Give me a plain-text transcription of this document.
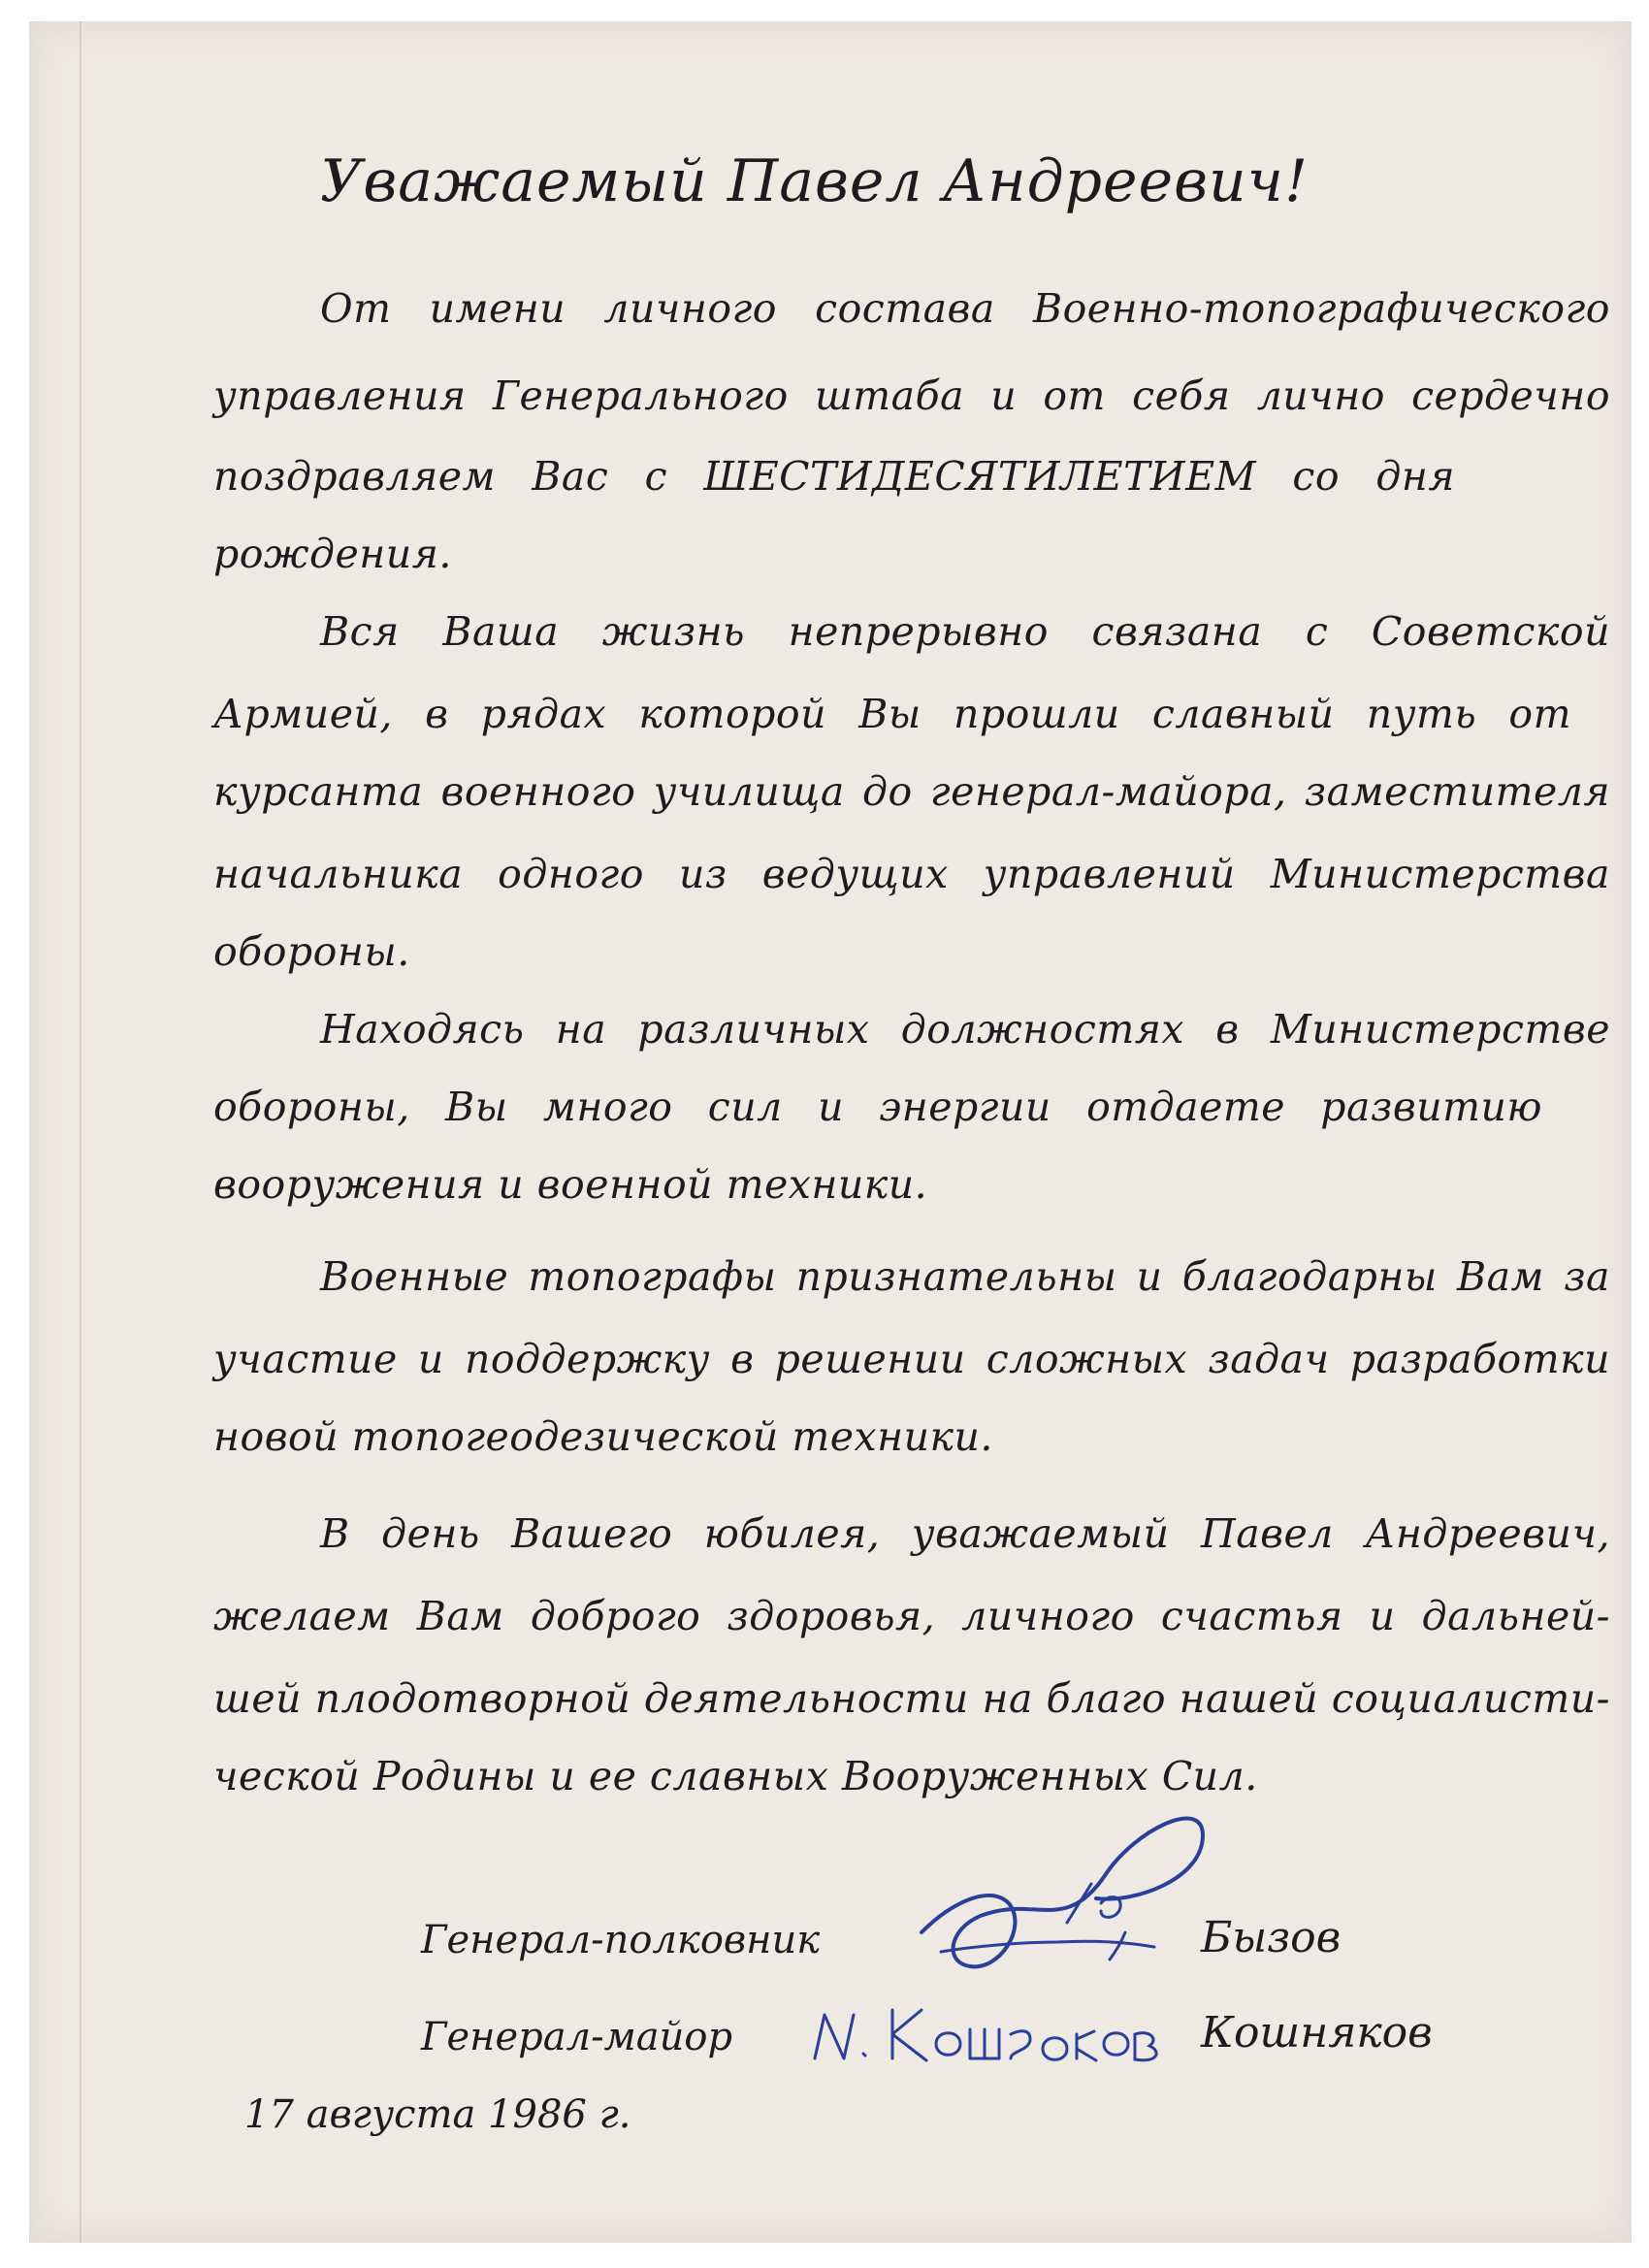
Уважаемый Павел Андреевич!
От имени личного состава Военно-топографического
управления Генерального штаба и от себя лично сердечно
поздравляем Вас с ШЕСТИДЕСЯТИЛЕТИЕМ со дня
рождения.
Вся Ваша жизнь непрерывно связана с Советской
Армией, в рядах которой Вы прошли славный путь от
курсанта военного училища до генерал-майора, заместителя
начальника одного из ведущих управлений Министерства
обороны.
Находясь на различных должностях в Министерстве
обороны, Вы много сил и энергии отдаете развитию
вооружения и военной техники.
Военные топографы признательны и благодарны Вам за
участие и поддержку в решении сложных задач разработки
новой топогеодезической техники.
В день Вашего юбилея, уважаемый Павел Андреевич,
желаем Вам доброго здоровья, личного счастья и дальней-
шей плодотворной деятельности на благо нашей социалисти-
ческой Родины и ее славных Вооруженных Сил.
Генерал-полковник	Бызов
Генерал-майор	Кошняков
17 августа 1986 г.
